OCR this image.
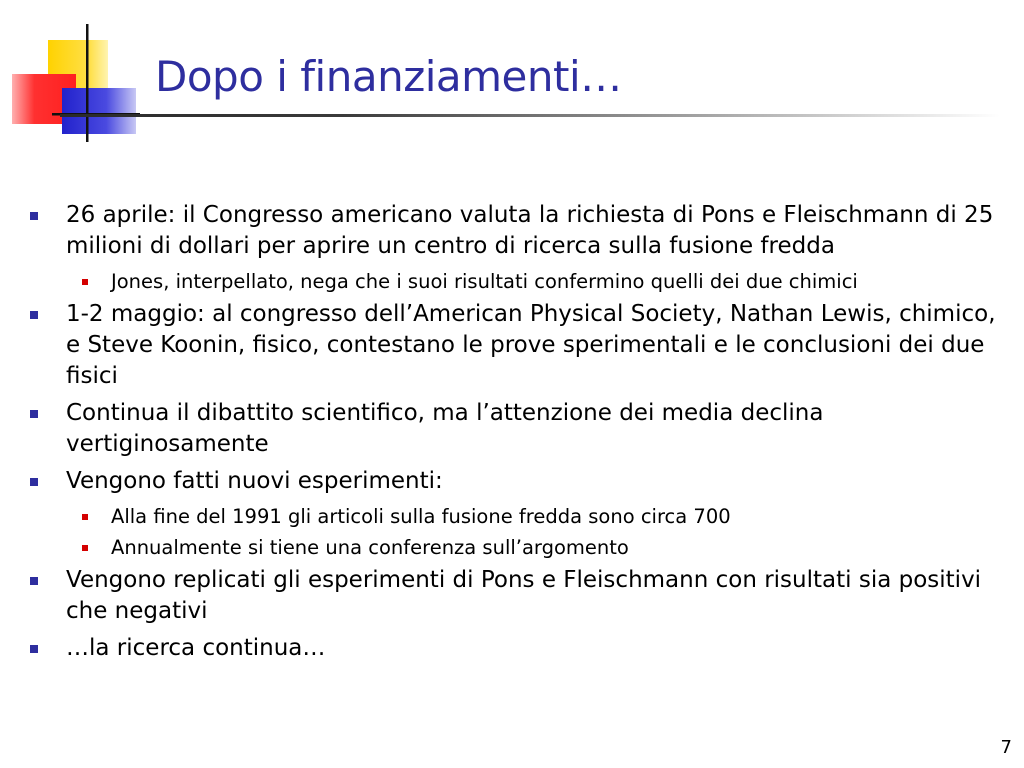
Dopo i finanziamenti…

26 aprile: il Congresso americano valuta la richiesta di Pons e Fleischmann di 25 milioni di dollari per aprire un centro di ricerca sulla fusione fredda

Jones, interpellato, nega che i suoi risultati confermino quelli dei due chimici

1-2 maggio: al congresso dell’American Physical Society, Nathan Lewis, chimico, e Steve Koonin, fisico, contestano le prove sperimentali e le conclusioni dei due fisici

Continua il dibattito scientifico, ma l’attenzione dei media declina vertiginosamente

Vengono fatti nuovi esperimenti:

Alla fine del 1991 gli articoli sulla fusione fredda sono circa 700

Annualmente si tiene una conferenza sull’argomento

Vengono replicati gli esperimenti di Pons e Fleischmann con risultati sia positivi che negativi

…la ricerca continua…

7
